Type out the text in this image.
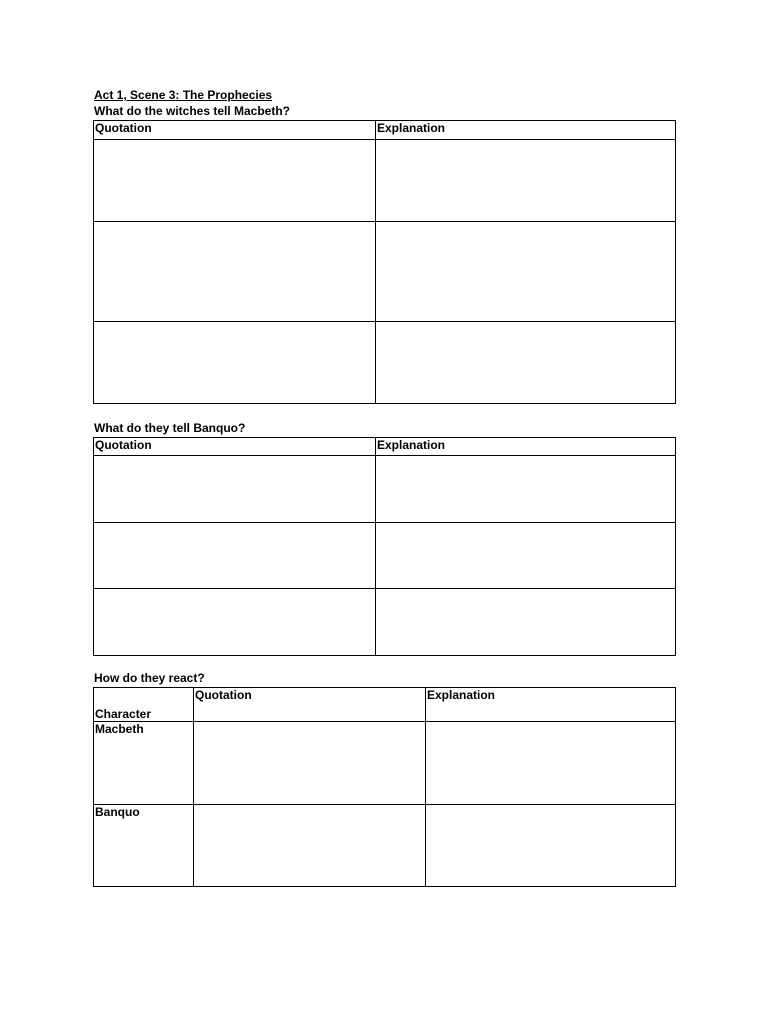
Act 1, Scene 3: The Prophecies
What do the witches tell Macbeth?
Quotation	Explanation

What do they tell Banquo?
Quotation	Explanation

How do they react?
Character	Quotation	Explanation
Macbeth		
Banquo		
